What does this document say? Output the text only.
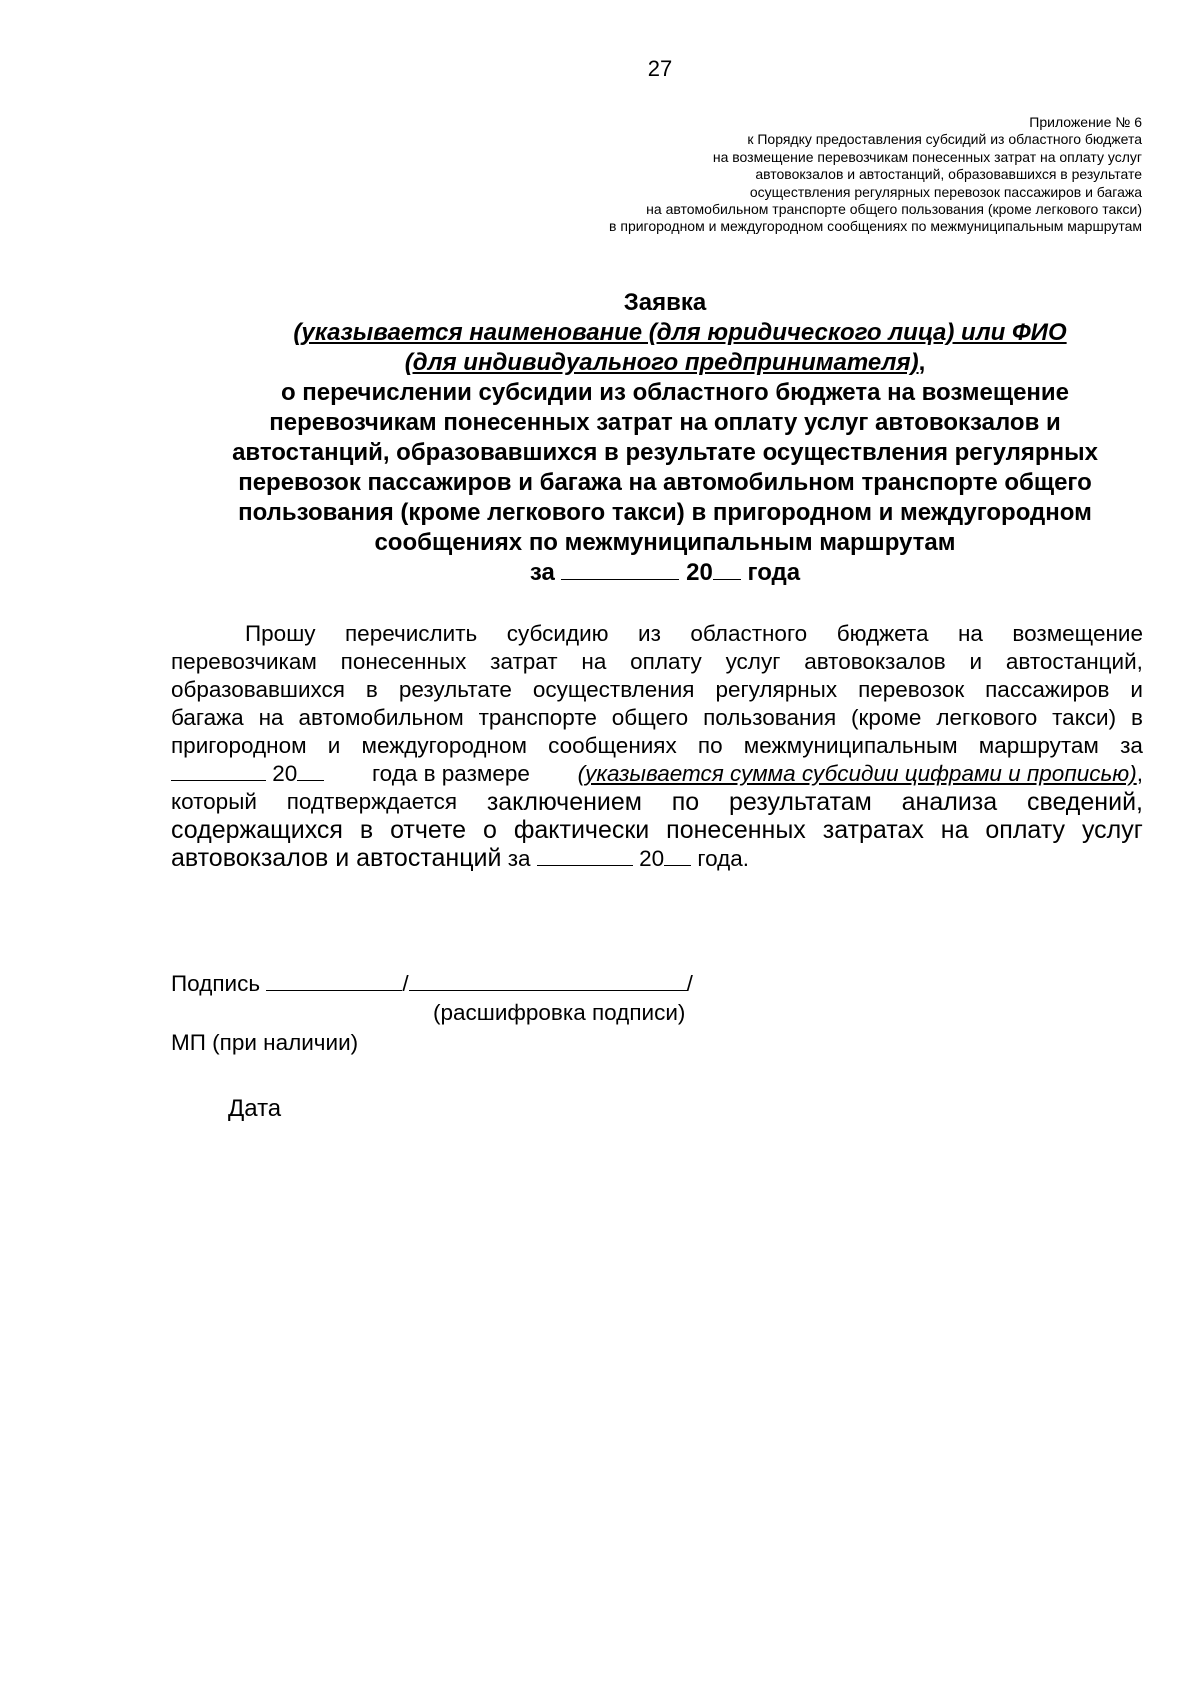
27
Приложение № 6
к Порядку предоставления субсидий из областного бюджета
на возмещение перевозчикам понесенных затрат на оплату услуг
автовокзалов и автостанций, образовавшихся в результате
осуществления регулярных перевозок пассажиров и багажа
на автомобильном транспорте общего пользования (кроме легкового такси)
в пригородном и междугородном сообщениях по межмуниципальным маршрутам
Заявка
(указывается наименование (для юридического лица) или ФИО
(для индивидуального предпринимателя),
о перечислении субсидии из областного бюджета на возмещение
перевозчикам понесенных затрат на оплату услуг автовокзалов и
автостанций, образовавшихся в результате осуществления регулярных
перевозок пассажиров и багажа на автомобильном транспорте общего
пользования (кроме легкового такси) в пригородном и междугородном
сообщениях по межмуниципальным маршрутам
за	20 года
Прошу перечислить субсидию из областного бюджета на возмещение
перевозчикам понесенных затрат на оплату услуг автовокзалов и автостанций,
образовавшихся в результате осуществления регулярных перевозок пассажиров и
багажа на автомобильном транспорте общего пользования (кроме легкового такси) в
пригородном и междугородном сообщениях по межмуниципальным маршрутам за
20	года в размере (указывается сумма субсидии цифрами и прописью),
который подтверждается заключением по результатам анализа сведений,
содержащихся в отчете о фактически понесенных затратах на оплату услуг
автовокзалов и автостанций за	20 года.
Подпись	/	/
(расшифровка подписи)
МП (при наличии)
Дата
